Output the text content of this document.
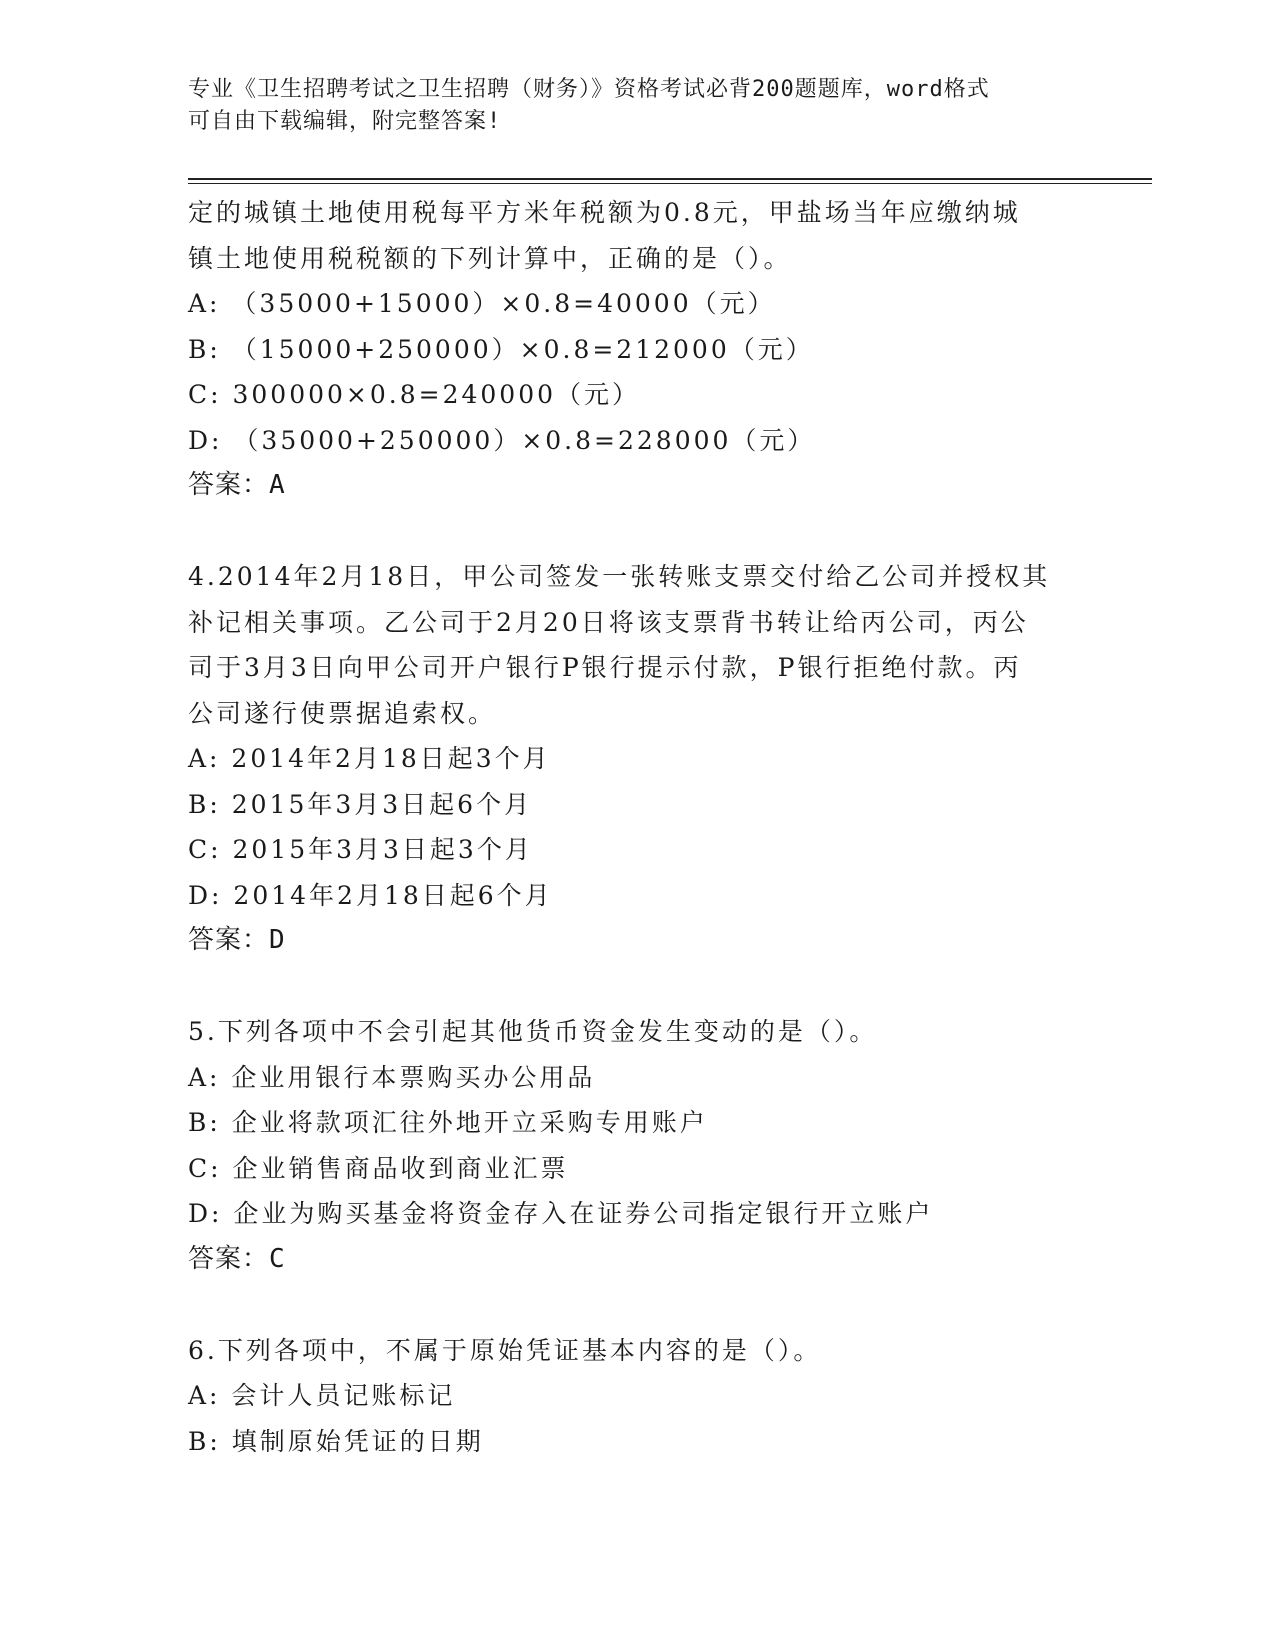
专业《卫生招聘考试之卫生招聘（财务）》资格考试必背200题题库，word格式
可自由下载编辑，附完整答案!
定的城镇土地使用税每平方米年税额为0.8元，甲盐场当年应缴纳城
镇土地使用税税额的下列计算中，正确的是（）。
A: （35000+15000）×0.8=40000（元）
B: （15000+250000）×0.8=212000（元）
C: 300000×0.8=240000（元）
D: （35000+250000）×0.8=228000（元）
答案：A
4.2014年2月18日，甲公司签发一张转账支票交付给乙公司并授权其
补记相关事项。乙公司于2月20日将该支票背书转让给丙公司，丙公
司于3月3日向甲公司开户银行P银行提示付款，P银行拒绝付款。丙
公司遂行使票据追索权。
A: 2014年2月18日起3个月
B: 2015年3月3日起6个月
C: 2015年3月3日起3个月
D: 2014年2月18日起6个月
答案：D
5.下列各项中不会引起其他货币资金发生变动的是（）。
A: 企业用银行本票购买办公用品
B: 企业将款项汇往外地开立采购专用账户
C: 企业销售商品收到商业汇票
D: 企业为购买基金将资金存入在证券公司指定银行开立账户
答案：C
6.下列各项中，不属于原始凭证基本内容的是（）。
A: 会计人员记账标记
B: 填制原始凭证的日期
